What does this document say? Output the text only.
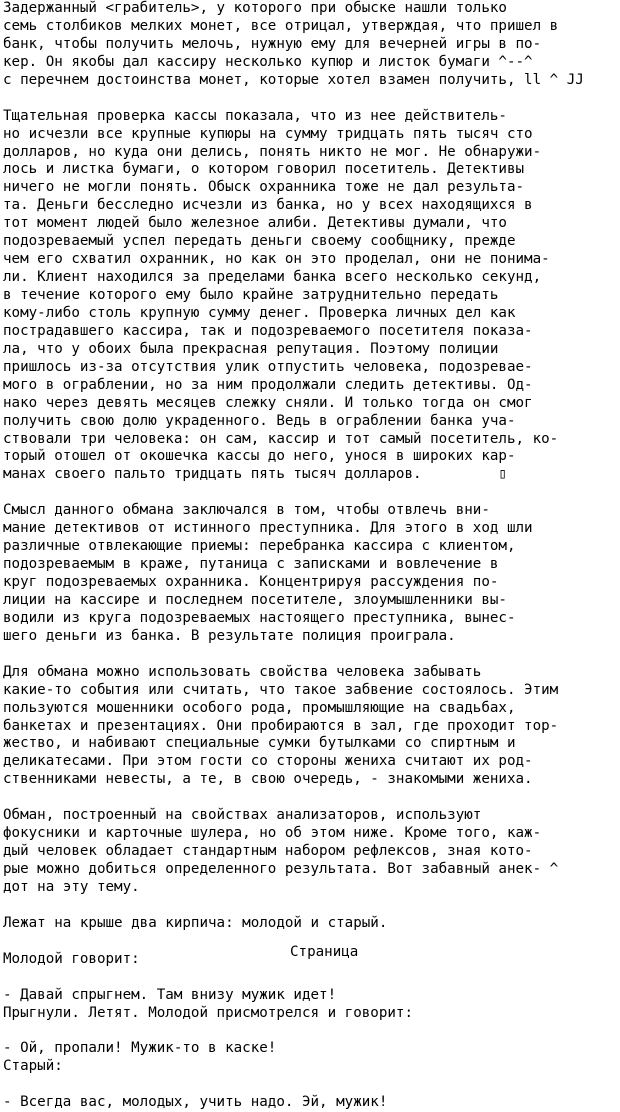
Задержанный <грабитель>, у которого при обыске нашли только
семь столбиков мелких монет, все отрицал, утверждая, что пришел в
банк, чтобы получить мелочь, нужную ему для вечерней игры в по-
кер. Он якобы дал кассиру несколько купюр и листок бумаги ^--^
с перечнем достоинства монет, которые хотел взамен получить, ll ^ JJ
Тщательная проверка кассы показала, что из нее действитель-
но исчезли все крупные купюры на сумму тридцать пять тысяч сто
долларов, но куда они делись, понять никто не мог. Не обнаружи-
лось и листка бумаги, о котором говорил посетитель. Детективы
ничего не могли понять. Обыск охранника тоже не дал результа-
та. Деньги бесследно исчезли из банка, но у всех находящихся в
тот момент людей было железное алиби. Детективы думали, что
подозреваемый успел передать деньги своему сообщнику, прежде
чем его схватил охранник, но как он это проделал, они не понима-
ли. Клиент находился за пределами банка всего несколько секунд,
в течение которого ему было крайне затруднительно передать
кому-либо столь крупную сумму денег. Проверка личных дел как
пострадавшего кассира, так и подозреваемого посетителя показа-
ла, что у обоих была прекрасная репутация. Поэтому полиции
пришлось из-за отсутствия улик отпустить человека, подозревае-
мого в ограблении, но за ним продолжали следить детективы. Од-
нако через девять месяцев слежку сняли. И только тогда он смог
получить свою долю украденного. Ведь в ограблении банка уча-
ствовали три человека: он сам, кассир и тот самый посетитель, ко-
торый отошел от окошечка кассы до него, унося в широких кар-
манах своего пальто тридцать пять тысяч долларов.         ▯
Смысл данного обмана заключался в том, чтобы отвлечь вни-
мание детективов от истинного преступника. Для этого в ход шли
различные отвлекающие приемы: перебранка кассира с клиентом,
подозреваемым в краже, путаница с записками и вовлечение в
круг подозреваемых охранника. Концентрируя рассуждения по-
лиции на кассире и последнем посетителе, злоумышленники вы-
водили из круга подозреваемых настоящего преступника, вынес-
шего деньги из банка. В результате полиция проиграла.
Для обмана можно использовать свойства человека забывать
какие-то события или считать, что такое забвение состоялось. Этим
пользуются мошенники особого рода, промышляющие на свадьбах,
банкетах и презентациях. Они пробираются в зал, где проходит тор-
жество, и набивают специальные сумки бутылками со спиртным и
деликатесами. При этом гости со стороны жениха считают их род-
ственниками невесты, а те, в свою очередь, - знакомыми жениха.
Обман, построенный на свойствах анализаторов, используют
фокусники и карточные шулера, но об этом ниже. Кроме того, каж-
дый человек обладает стандартным набором рефлексов, зная кото-
рые можно добиться определенного результата. Вот забавный анек- ^
дот на эту тему.
Лежат на крыше два кирпича: молодой и старый.
Молодой говорит:
- Давай спрыгнем. Там внизу мужик идет!
Прыгнули. Летят. Молодой присмотрелся и говорит:
- Ой, пропали! Мужик-то в каске!
Старый:
- Всегда вас, молодых, учить надо. Эй, мужик!
Страница
